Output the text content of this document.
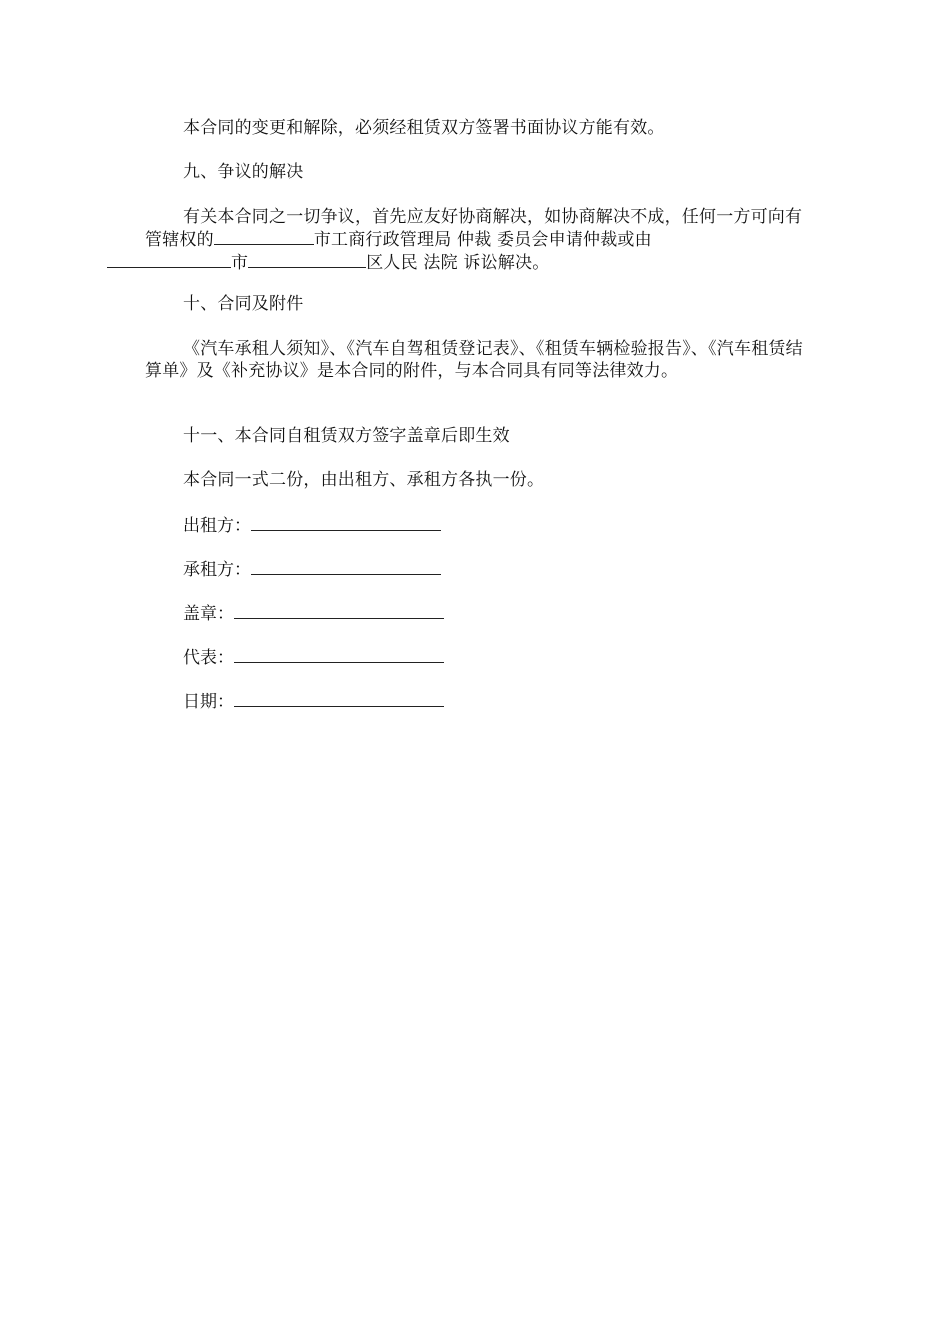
本合同的变更和解除，必须经租赁双方签署书面协议方能有效。
九、争议的解决
有关本合同之一切争议，首先应友好协商解决，如协商解决不成，任何一方可向有管辖权的	市工商行政管理局 仲裁 委员会申请仲裁或由
市	区人民 法院 诉讼解决。
十、合同及附件
《汽车承租人须知》、《汽车自驾租赁登记表》、《租赁车辆检验报告》、《汽车租赁结算单》及《补充协议》是本合同的附件，与本合同具有同等法律效力。
十一、本合同自租赁双方签字盖章后即生效
本合同一式二份，由出租方、承租方各执一份。
出租方：
承租方：
盖章：
代表：
日期：
